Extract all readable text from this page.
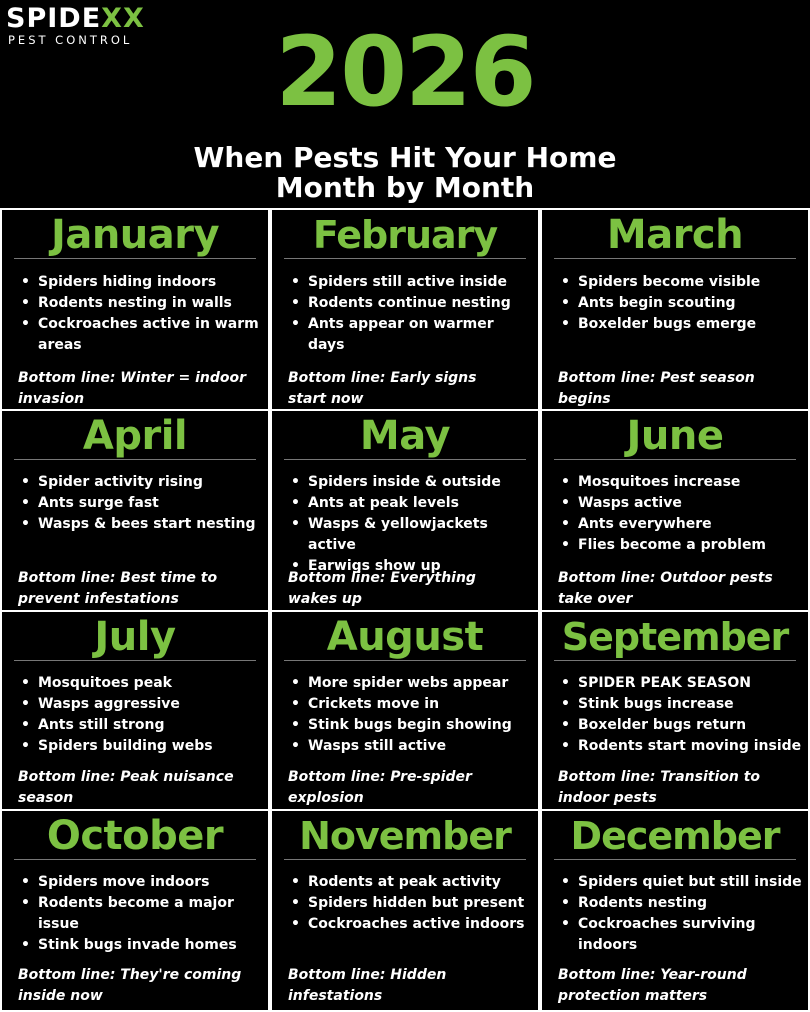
SPIDEXX
PEST CONTROL	2026
When Pests Hit Your Home
Month by Month
January
• Spiders hiding indoors
• Rodents nesting in walls
• Cockroaches active in warm areas
Bottom line: Winter = indoor invasion
February
• Spiders still active inside
• Rodents continue nesting
• Ants appear on warmer days
Bottom line: Early signs start now
March
• Spiders become visible
• Ants begin scouting
• Boxelder bugs emerge
Bottom line: Pest season begins
April
• Spider activity rising
• Ants surge fast
• Wasps & bees start nesting
Bottom line: Best time to prevent infestations
May
• Spiders inside & outside
• Ants at peak levels
• Wasps & yellowjackets active
• Earwigs show up
Bottom line: Everything wakes up
June
• Mosquitoes increase
• Wasps active
• Ants everywhere
• Flies become a problem
Bottom line: Outdoor pests take over
July
• Mosquitoes peak
• Wasps aggressive
• Ants still strong
• Spiders building webs
Bottom line: Peak nuisance season
August
• More spider webs appear
• Crickets move in
• Stink bugs begin showing
• Wasps still active
Bottom line: Pre-spider explosion
September
• SPIDER PEAK SEASON
• Stink bugs increase
• Boxelder bugs return
• Rodents start moving inside
Bottom line: Transition to indoor pests
October
• Spiders move indoors
• Rodents become a major issue
• Stink bugs invade homes
Bottom line: They're coming inside now
November
• Rodents at peak activity
• Spiders hidden but present
• Cockroaches active indoors
Bottom line: Hidden infestations
December
• Spiders quiet but still inside
• Rodents nesting
• Cockroaches surviving indoors
Bottom line: Year-round protection matters
